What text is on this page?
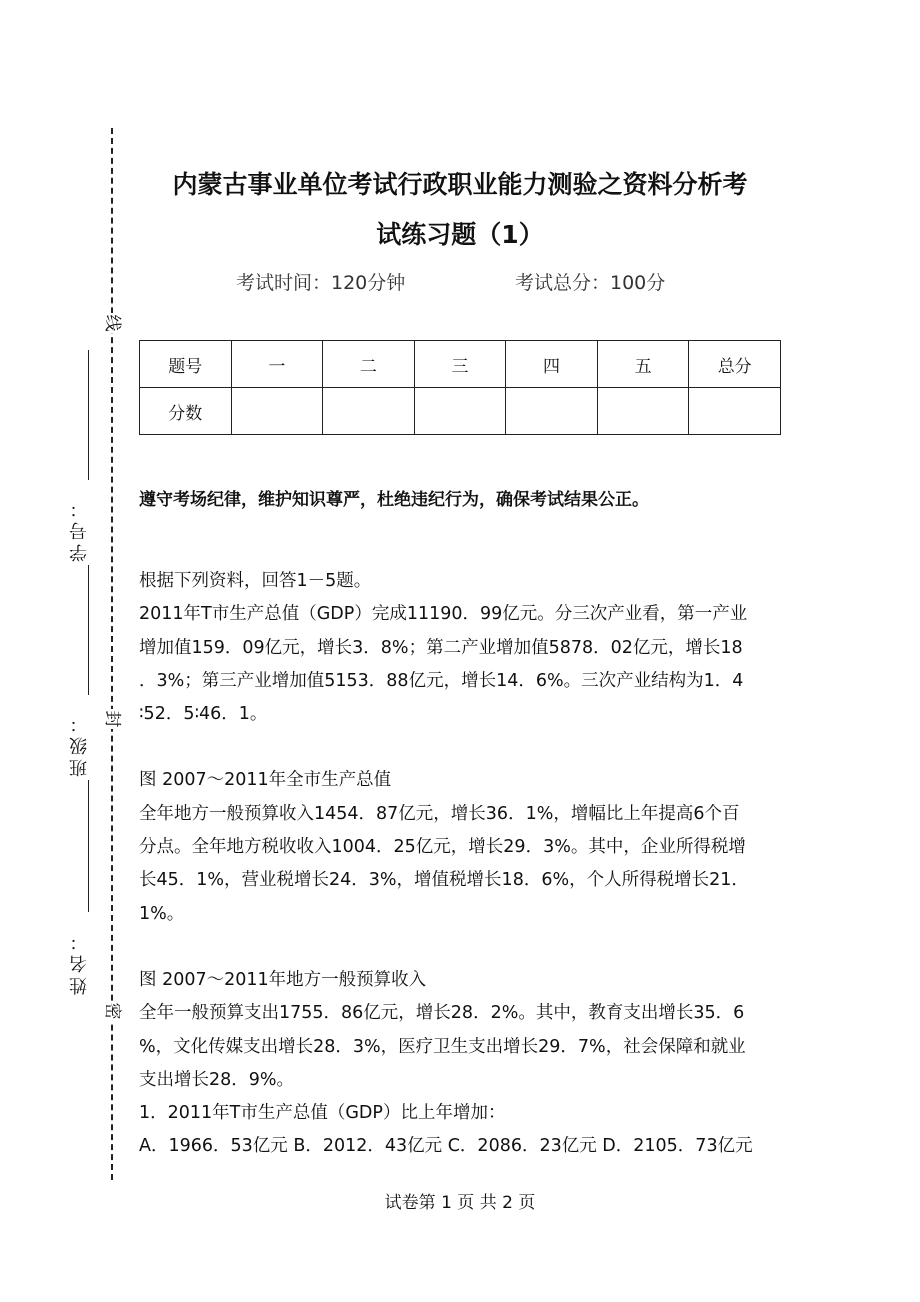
线
封
密
学号：
班级：
姓名：
内蒙古事业单位考试行政职业能力测验之资料分析考
试练习题（1）
考试时间：120分钟	考试总分：100分
题号	一	二	三	四	五	总分
分数						
遵守考场纪律，维护知识尊严，杜绝违纪行为，确保考试结果公正。

根据下列资料，回答1－5题。

2011年T市生产总值（GDP）完成11190．99亿元。分三次产业看，第一产业

增加值159．09亿元，增长3．8%；第二产业增加值5878．02亿元，增长18

．3%；第三产业增加值5153．88亿元，增长14．6%。三次产业结构为1．4

∶52．5∶46．1。

图 2007～2011年全市生产总值

全年地方一般预算收入1454．87亿元，增长36．1%，增幅比上年提高6个百

分点。全年地方税收收入1004．25亿元，增长29．3%。其中，企业所得税增

长45．1%，营业税增长24．3%，增值税增长18．6%，个人所得税增长21．

1%。

图 2007～2011年地方一般预算收入

全年一般预算支出1755．86亿元，增长28．2%。其中，教育支出增长35．6

%，文化传媒支出增长28．3%，医疗卫生支出增长29．7%，社会保障和就业

支出增长28．9%。

1．2011年T市生产总值（GDP）比上年增加：

A．1966．53亿元 B．2012．43亿元 C．2086．23亿元 D．2105．73亿元

试卷第 1 页 共 2 页
